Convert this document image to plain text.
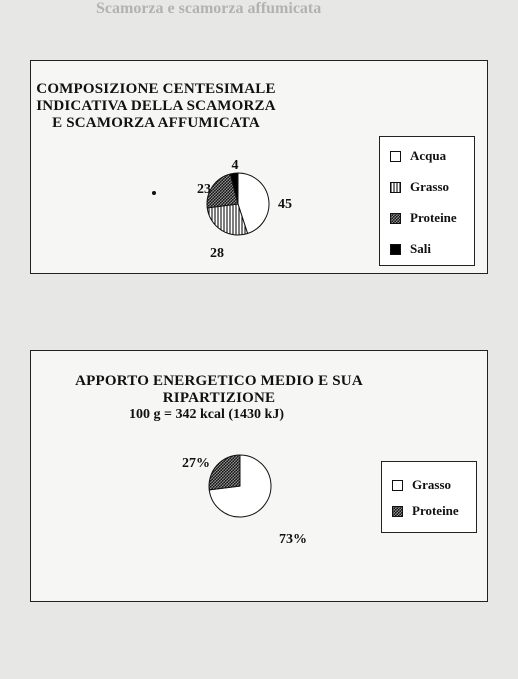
Scamorza e scamorza affumicata
COMPOSIZIONE CENTESIMALE INDICATIVA DELLA SCAMORZA E SCAMORZA AFFUMICATA
45
28
23
4
Acqua
Grasso
Proteine
Sali
APPORTO ENERGETICO MEDIO E SUA RIPARTIZIONE
100 g = 342 kcal (1430 kJ)
73%
27%
Grasso
Proteine
